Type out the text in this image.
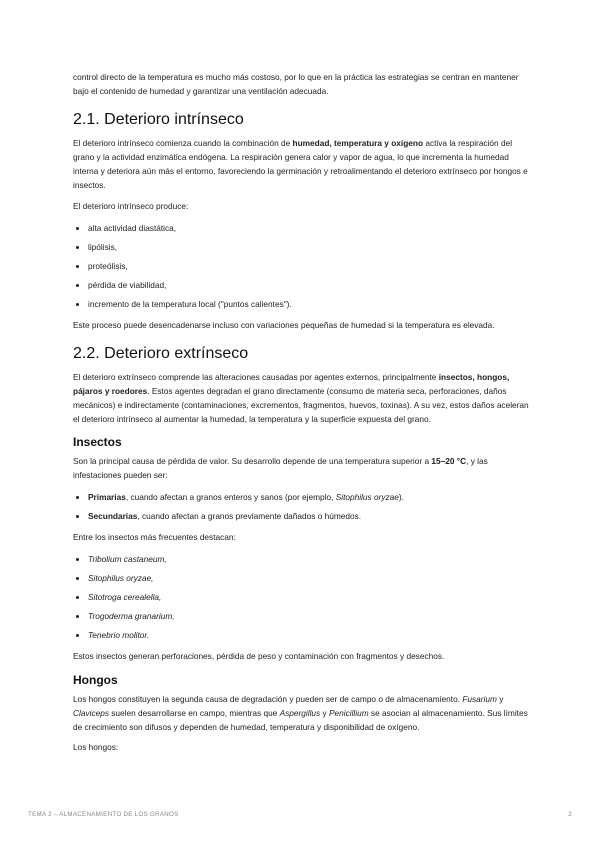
control directo de la temperatura es mucho más costoso, por lo que en la práctica las estrategias se centran en mantener bajo el contenido de humedad y garantizar una ventilación adecuada.

2.1. Deterioro intrínseco

El deterioro intrínseco comienza cuando la combinación de humedad, temperatura y oxígeno activa la respiración del grano y la actividad enzimática endógena. La respiración genera calor y vapor de agua, lo que incrementa la humedad interna y deteriora aún más el entorno, favoreciendo la germinación y retroalimentando el deterioro extrínseco por hongos e insectos.

El deterioro intrínseco produce:

• alta actividad diastática,
• lipólisis,
• proteólisis,
• pérdida de viabilidad,
• incremento de la temperatura local ("puntos calientes").

Este proceso puede desencadenarse incluso con variaciones pequeñas de humedad si la temperatura es elevada.

2.2. Deterioro extrínseco

El deterioro extrínseco comprende las alteraciones causadas por agentes externos, principalmente insectos, hongos, pájaros y roedores. Estos agentes degradan el grano directamente (consumo de materia seca, perforaciones, daños mecánicos) e indirectamente (contaminaciones, excrementos, fragmentos, huevos, toxinas). A su vez, estos daños aceleran el deterioro intrínseco al aumentar la humedad, la temperatura y la superficie expuesta del grano.

Insectos

Son la principal causa de pérdida de valor. Su desarrollo depende de una temperatura superior a 15–20 °C, y las infestaciones pueden ser:

• Primarias, cuando afectan a granos enteros y sanos (por ejemplo, Sitophilus oryzae).
• Secundarias, cuando afectan a granos previamente dañados o húmedos.

Entre los insectos más frecuentes destacan:

• Tribolium castaneum,
• Sitophilus oryzae,
• Sitotroga cerealella,
• Trogoderma granarium,
• Tenebrio molitor.

Estos insectos generan perforaciones, pérdida de peso y contaminación con fragmentos y desechos.

Hongos

Los hongos constituyen la segunda causa de degradación y pueden ser de campo o de almacenamiento. Fusarium y Claviceps suelen desarrollarse en campo, mientras que Aspergillus y Penicillium se asocian al almacenamiento. Sus límites de crecimiento son difusos y dependen de humedad, temperatura y disponibilidad de oxígeno.

Los hongos:

TEMA 2 – ALMACENAMIENTO DE LOS GRANOS	2
